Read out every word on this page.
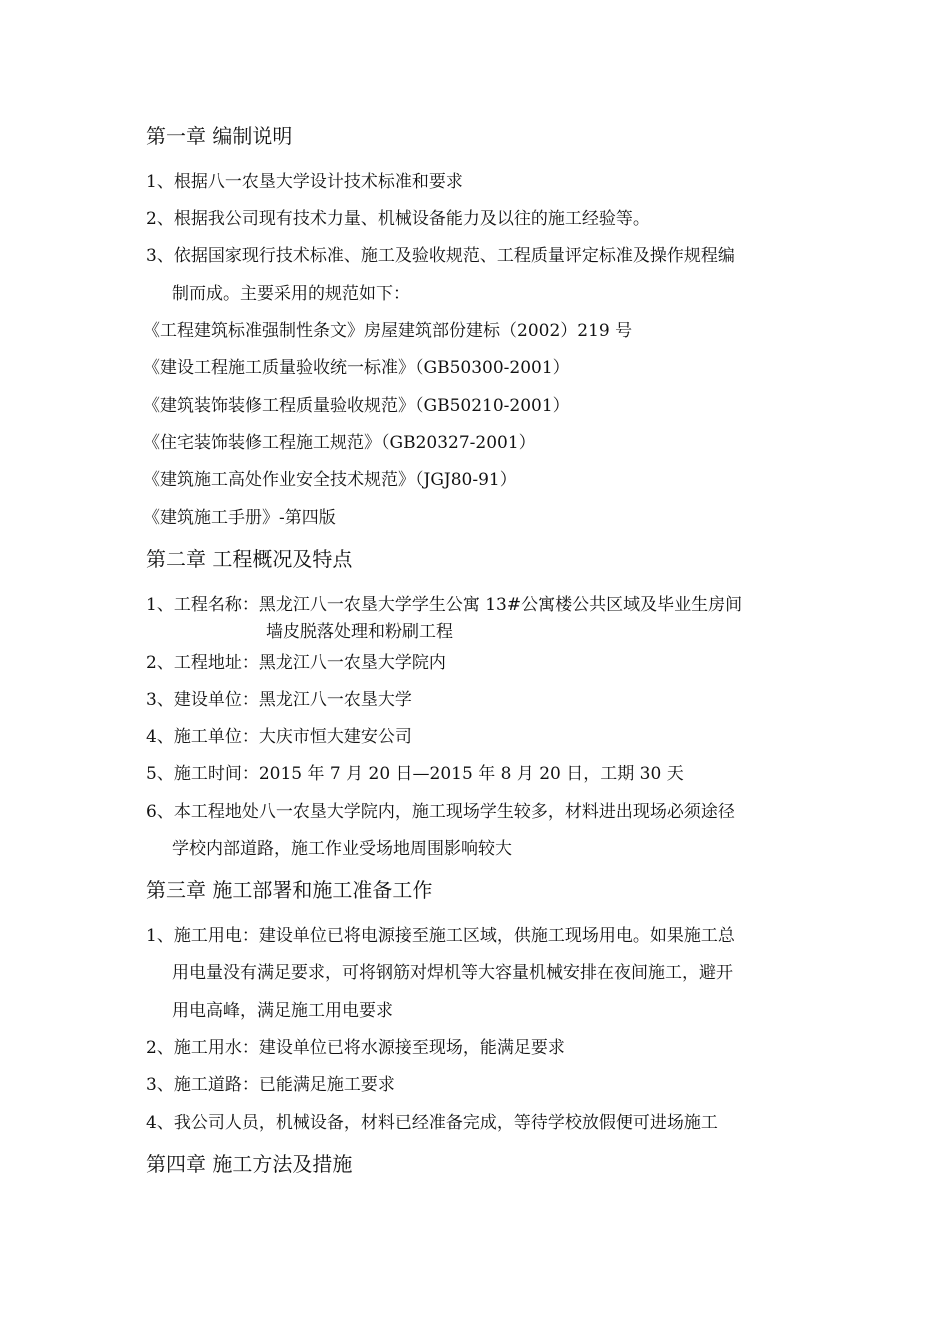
第一章 编制说明
1、根据八一农垦大学设计技术标准和要求
2、根据我公司现有技术力量、机械设备能力及以往的施工经验等。
3、依据国家现行技术标准、施工及验收规范、工程质量评定标准及操作规程编
制而成。主要采用的规范如下：
《工程建筑标准强制性条文》房屋建筑部份建标（2002）219 号
《建设工程施工质量验收统一标准》（GB50300-2001）
《建筑装饰装修工程质量验收规范》（GB50210-2001）
《住宅装饰装修工程施工规范》（GB20327-2001）
《建筑施工高处作业安全技术规范》（JGJ80-91）
《建筑施工手册》-第四版
第二章 工程概况及特点
1、工程名称：黑龙江八一农垦大学学生公寓 13#公寓楼公共区域及毕业生房间
墙皮脱落处理和粉刷工程
2、工程地址：黑龙江八一农垦大学院内
3、建设单位：黑龙江八一农垦大学
4、施工单位：大庆市恒大建安公司
5、施工时间：2015 年 7 月 20 日—2015 年 8 月 20 日，工期 30 天
6、本工程地处八一农垦大学院内，施工现场学生较多，材料进出现场必须途径
学校内部道路，施工作业受场地周围影响较大
第三章 施工部署和施工准备工作
1、施工用电：建设单位已将电源接至施工区域，供施工现场用电。如果施工总
用电量没有满足要求，可将钢筋对焊机等大容量机械安排在夜间施工，避开
用电高峰，满足施工用电要求
2、施工用水：建设单位已将水源接至现场，能满足要求
3、施工道路：已能满足施工要求
4、我公司人员，机械设备，材料已经准备完成，等待学校放假便可进场施工
第四章 施工方法及措施
